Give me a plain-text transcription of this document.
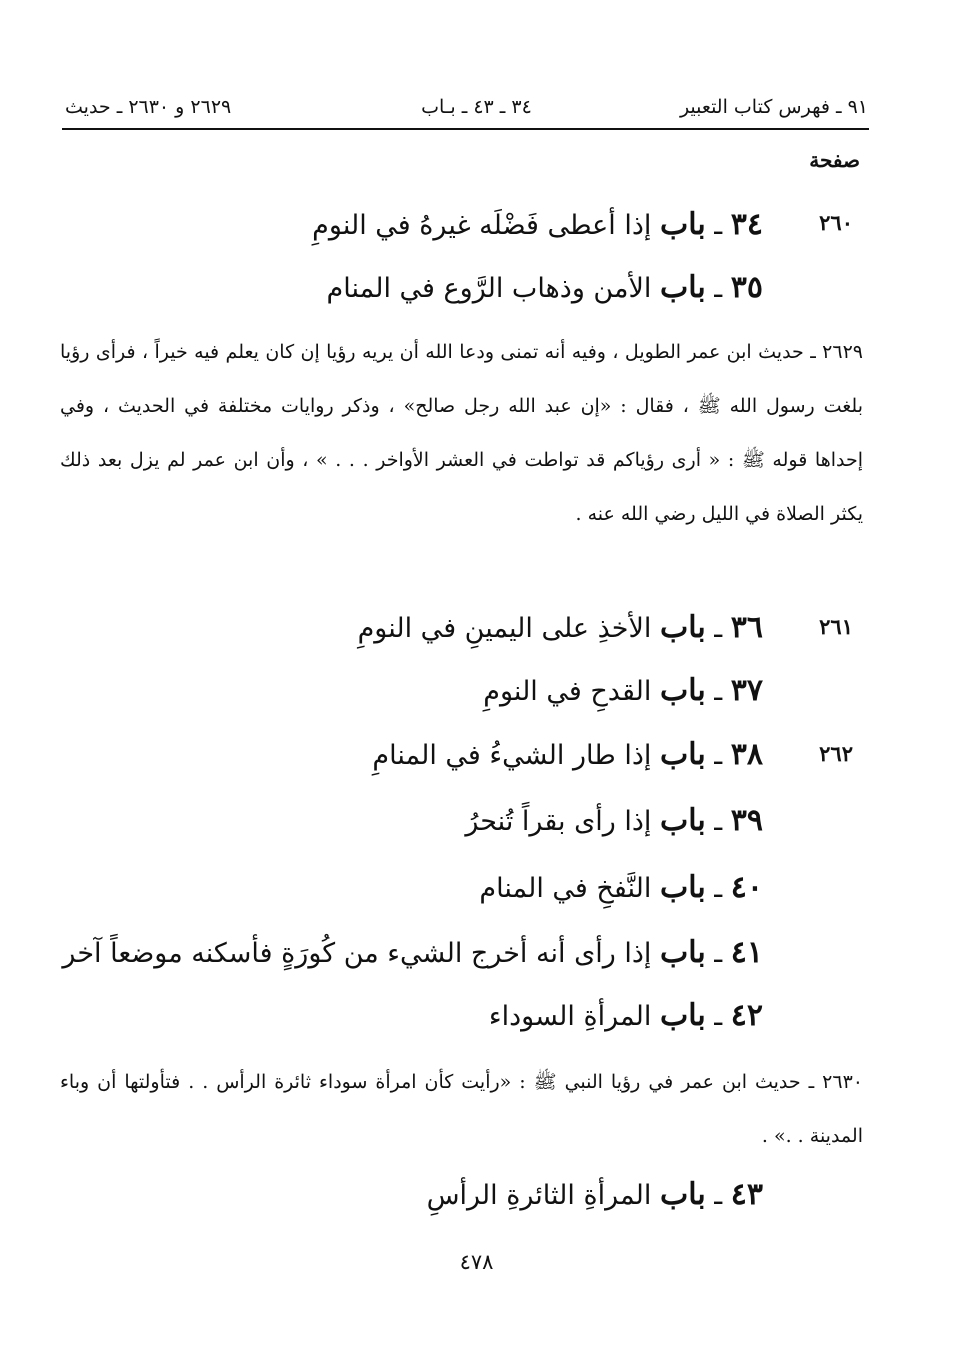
٩١ ـ فهرس كتاب التعبير
٣٤ ـ ٤٣ ـ بـاب
٢٦٢٩ و ٢٦٣٠ ـ حديث
صفحة
٢٦٠
٣٤ ـ باب إذا أعطى فَضْلَه غيرهُ في النومِ
٣٥ ـ باب الأمن وذهاب الرَّوع في المنام
٢٦٢٩ ـ حديث ابن عمر الطويل ، وفيه أنه تمنى ودعا الله أن يريه رؤيا إن كان يعلم فيه خيراً ، فرأى رؤيا بلغت رسول الله ﷺ ، فقال : «إن عبد الله رجل صالح» ، وذكر روايات مختلفة في الحديث ، وفي إحداها قوله ﷺ : « أرى رؤياكم قد تواطت في العشر الأواخر . . . » ، وأن ابن عمر لم يزل بعد ذلك يكثر الصلاة في الليل رضي الله عنه .
٢٦١
٣٦ ـ باب الأخذِ على اليمينِ في النومِ
٣٧ ـ باب القدحِ في النومِ
٢٦٢
٣٨ ـ باب إذا طار الشيءُ في المنامِ
٣٩ ـ باب إذا رأى بقراً تُنحرُ
٤٠ ـ باب النَّفخِ في المنام
٤١ ـ باب إذا رأى أنه أخرج الشيء من كُورَةٍ فأسكنه موضعاً آخر
٤٢ ـ باب المرأةِ السوداء
٢٦٣٠ ـ حديث ابن عمر في رؤيا النبي ﷺ : «رأيت كأن امرأة سوداء ثائرة الرأس . . فتأولتها أن وباء المدينة . .» .
٤٣ ـ باب المرأةِ الثائرةِ الرأسِ
٤٧٨
